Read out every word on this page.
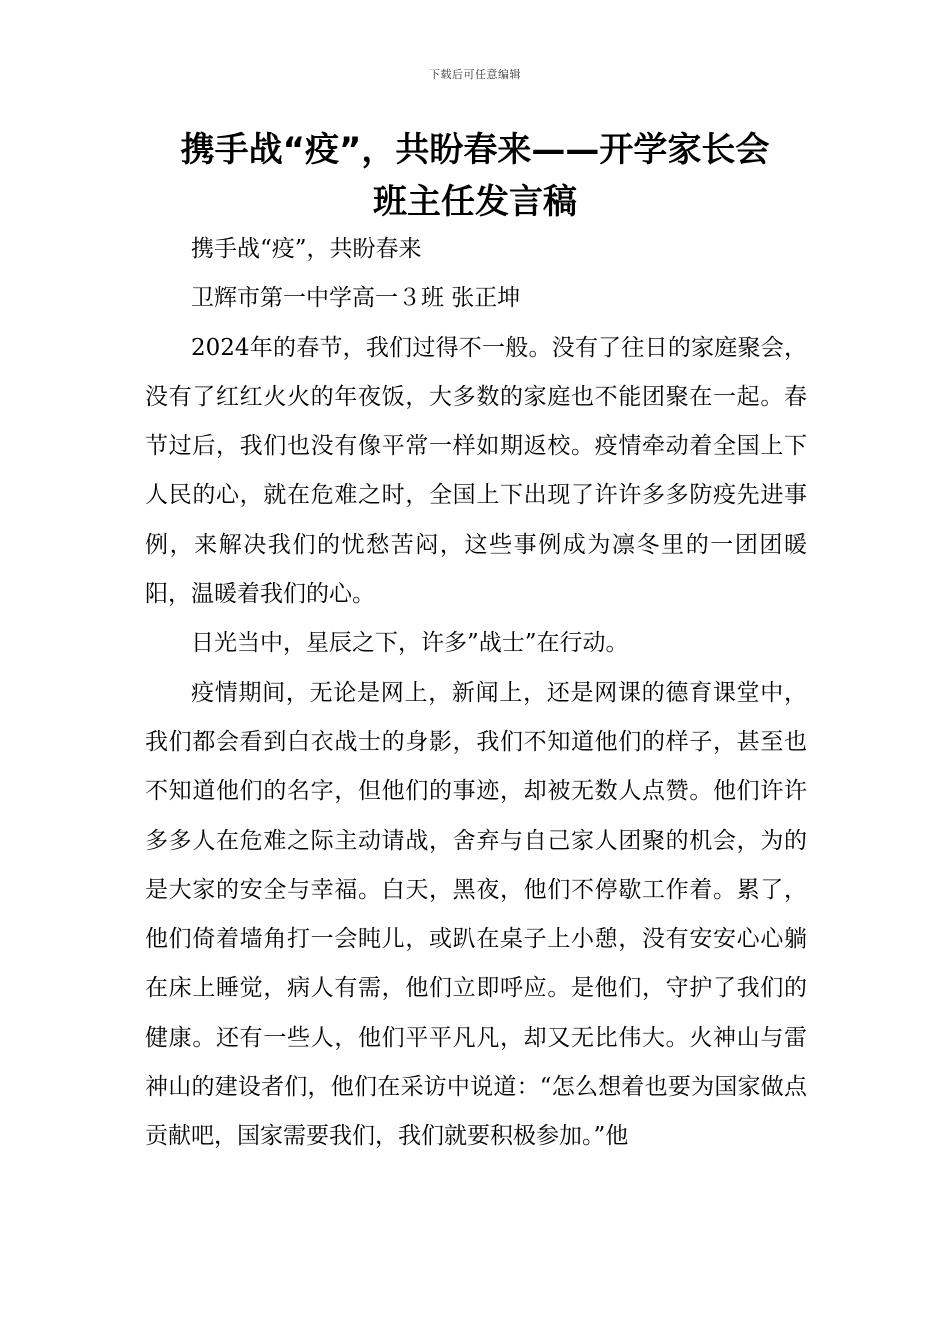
下载后可任意编辑
携手战“疫”，共盼春来——开学家长会
班主任发言稿

携手战“疫”，共盼春来

卫辉市第一中学高一３班 张正坤

2024年的春节，我们过得不一般。没有了往日的家庭聚会，没有了红红火火的年夜饭，大多数的家庭也不能团聚在一起。春节过后，我们也没有像平常一样如期返校。疫情牵动着全国上下人民的心，就在危难之时，全国上下出现了许许多多防疫先进事例，来解决我们的忧愁苦闷，这些事例成为凛冬里的一团团暖阳，温暖着我们的心。

日光当中，星辰之下，许多”战士”在行动。

疫情期间，无论是网上，新闻上，还是网课的德育课堂中，我们都会看到白衣战士的身影，我们不知道他们的样子，甚至也不知道他们的名字，但他们的事迹，却被无数人点赞。他们许许多多人在危难之际主动请战，舍弃与自己家人团聚的机会，为的是大家的安全与幸福。白天，黑夜，他们不停歇工作着。累了，他们倚着墙角打一会盹儿，或趴在桌子上小憩，没有安安心心躺在床上睡觉，病人有需，他们立即呼应。是他们，守护了我们的健康。还有一些人，他们平平凡凡，却又无比伟大。火神山与雷神山的建设者们，他们在采访中说道：“怎么想着也要为国家做点贡献吧，国家需要我们，我们就要积极参加。”他
